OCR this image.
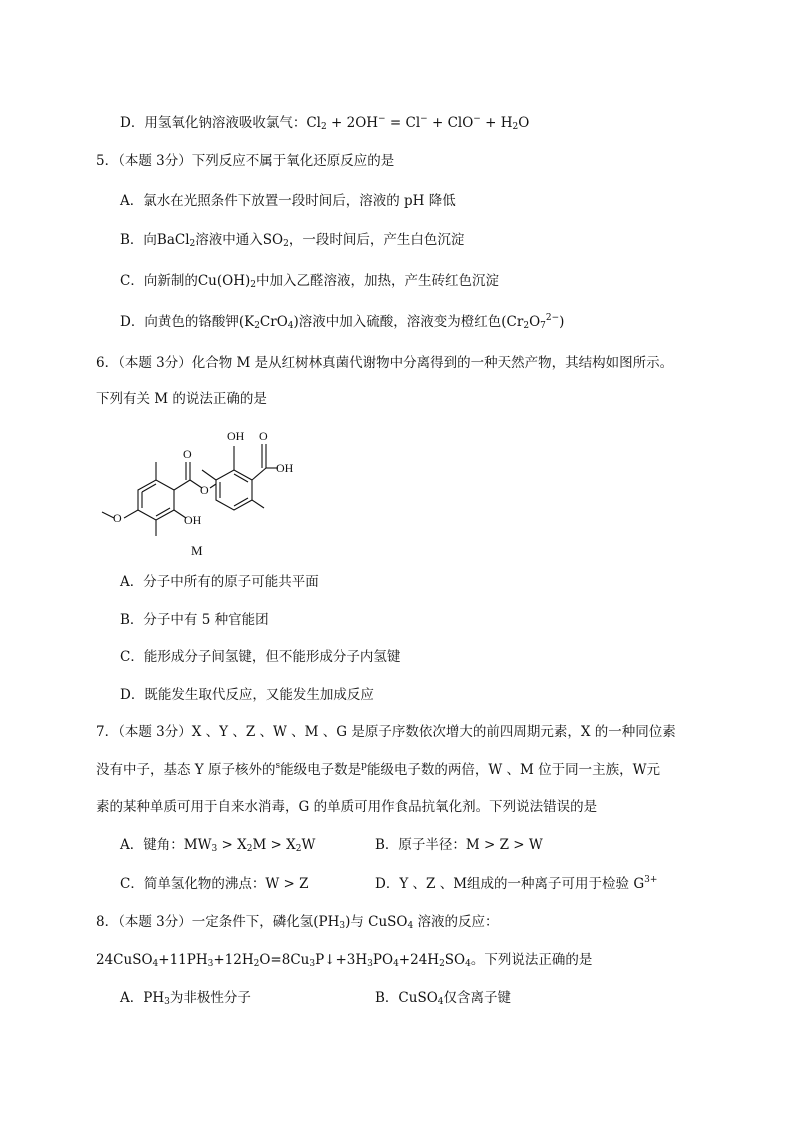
D．用氢氧化钠溶液吸收氯气：$Cl_2 + 2OH^- = Cl^- + ClO^- + H_2O$
5．（本题 3分）下列反应不属于氧化还原反应的是
A．氯水在光照条件下放置一段时间后，溶液的 pH 降低
B．向BaCl$_2$溶液中通入$SO_2$，一段时间后，产生白色沉淀
C．向新制的$Cu(OH)_2$中加入乙醛溶液，加热，产生砖红色沉淀
D．向黄色的铬酸钾$(K_2CrO_4)$溶液中加入硫酸，溶液变为橙红色$(Cr_2O_7^{2-})$
6．（本题 3分）化合物 M 是从红树林真菌代谢物中分离得到的一种天然产物，其结构如图所示。
下列有关 M 的说法正确的是
OH O
OH
O
O
O	OH
M
A．分子中所有的原子可能共平面
B．分子中有 5 种官能团
C．能形成分子间氢键，但不能形成分子内氢键
D．既能发生取代反应，又能发生加成反应
7．（本题 3分）X 、Y 、Z 、W 、M 、G 是原子序数依次增大的前四周期元素，X 的一种同位素
没有中子，基态 Y 原子核外的$^s$能级电子数是$^p$能级电子数的两倍，W 、M 位于同一主族，W元
素的某种单质可用于自来水消毒，G 的单质可用作食品抗氧化剂。下列说法错误的是
A．键角：$MW_3 > X_2M > X_2W$	B．原子半径：M > Z > W
C．简单氢化物的沸点：W > Z	D．Y 、Z 、M组成的一种离子可用于检验 $G^{3+}$
8．（本题 3分）一定条件下，磷化氢$(PH_3)$与 CuSO$_4$ 溶液的反应：
$24CuSO_4+11PH_3+12H_2O=8Cu_3P↓+3H_3PO_4+24H_2SO_4$。下列说法正确的是
A．$PH_3$为非极性分子	B．CuSO$_4$仅含离子键
